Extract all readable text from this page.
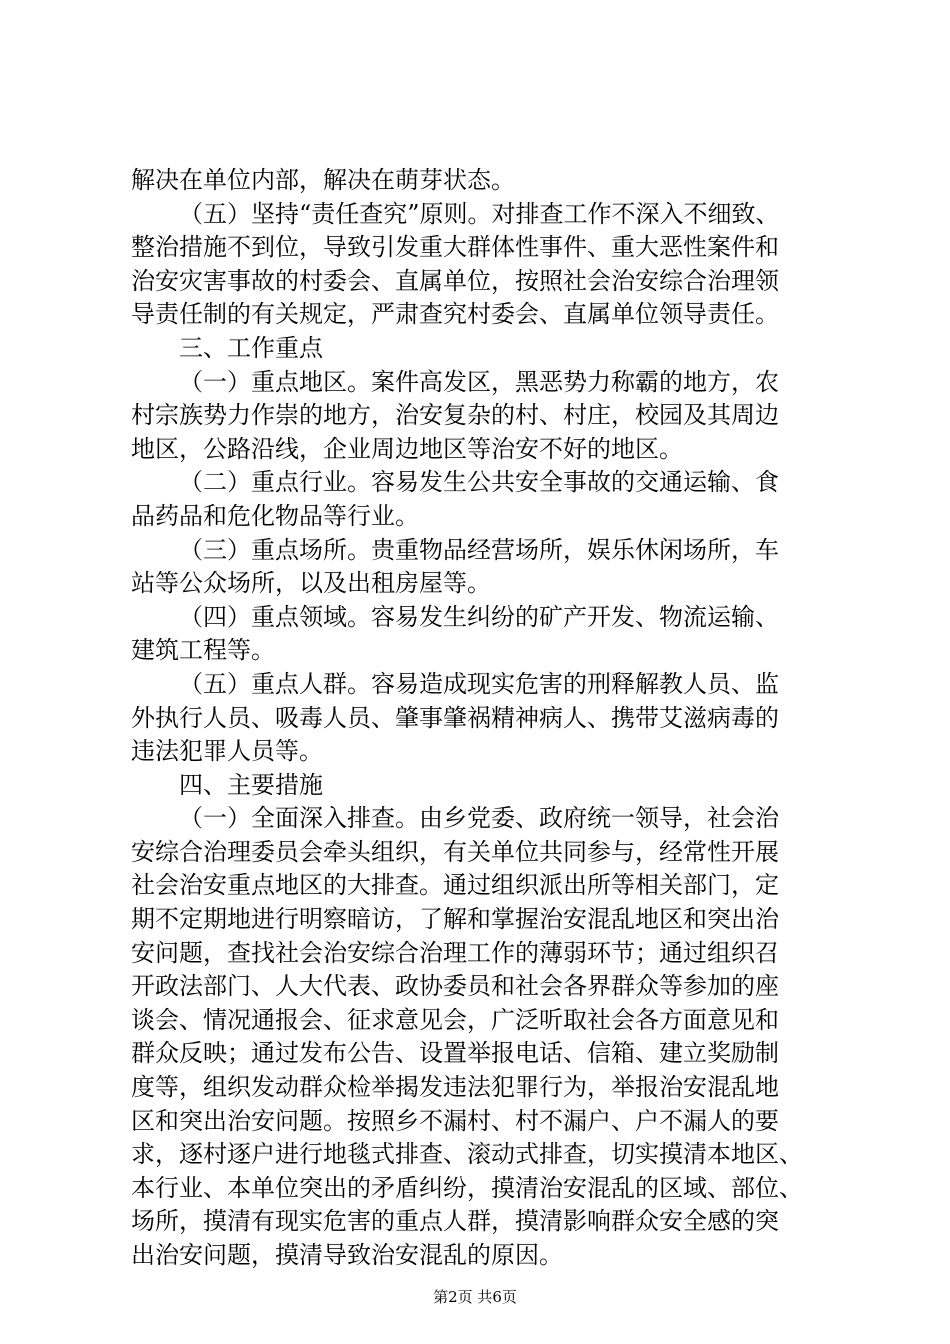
解决在单位内部，解决在萌芽状态。
（五）坚持“责任查究”原则。对排查工作不深入不细致、
整治措施不到位，导致引发重大群体性事件、重大恶性案件和
治安灾害事故的村委会、直属单位，按照社会治安综合治理领
导责任制的有关规定，严肃查究村委会、直属单位领导责任。
三、工作重点
（一）重点地区。案件高发区，黑恶势力称霸的地方，农
村宗族势力作崇的地方，治安复杂的村、村庄，校园及其周边
地区，公路沿线，企业周边地区等治安不好的地区。
（二）重点行业。容易发生公共安全事故的交通运输、食
品药品和危化物品等行业。
（三）重点场所。贵重物品经营场所，娱乐休闲场所，车
站等公众场所，以及出租房屋等。
（四）重点领域。容易发生纠纷的矿产开发、物流运输、
建筑工程等。
（五）重点人群。容易造成现实危害的刑释解教人员、监
外执行人员、吸毒人员、肇事肇祸精神病人、携带艾滋病毒的
违法犯罪人员等。
四、主要措施
（一）全面深入排查。由乡党委、政府统一领导，社会治
安综合治理委员会牵头组织，有关单位共同参与，经常性开展
社会治安重点地区的大排查。通过组织派出所等相关部门，定
期不定期地进行明察暗访，了解和掌握治安混乱地区和突出治
安问题，查找社会治安综合治理工作的薄弱环节；通过组织召
开政法部门、人大代表、政协委员和社会各界群众等参加的座
谈会、情况通报会、征求意见会，广泛听取社会各方面意见和
群众反映；通过发布公告、设置举报电话、信箱、建立奖励制
度等，组织发动群众检举揭发违法犯罪行为，举报治安混乱地
区和突出治安问题。按照乡不漏村、村不漏户、户不漏人的要
求，逐村逐户进行地毯式排查、滚动式排查，切实摸清本地区、
本行业、本单位突出的矛盾纠纷，摸清治安混乱的区域、部位、
场所，摸清有现实危害的重点人群，摸清影响群众安全感的突
出治安问题，摸清导致治安混乱的原因。
第2页 共6页
